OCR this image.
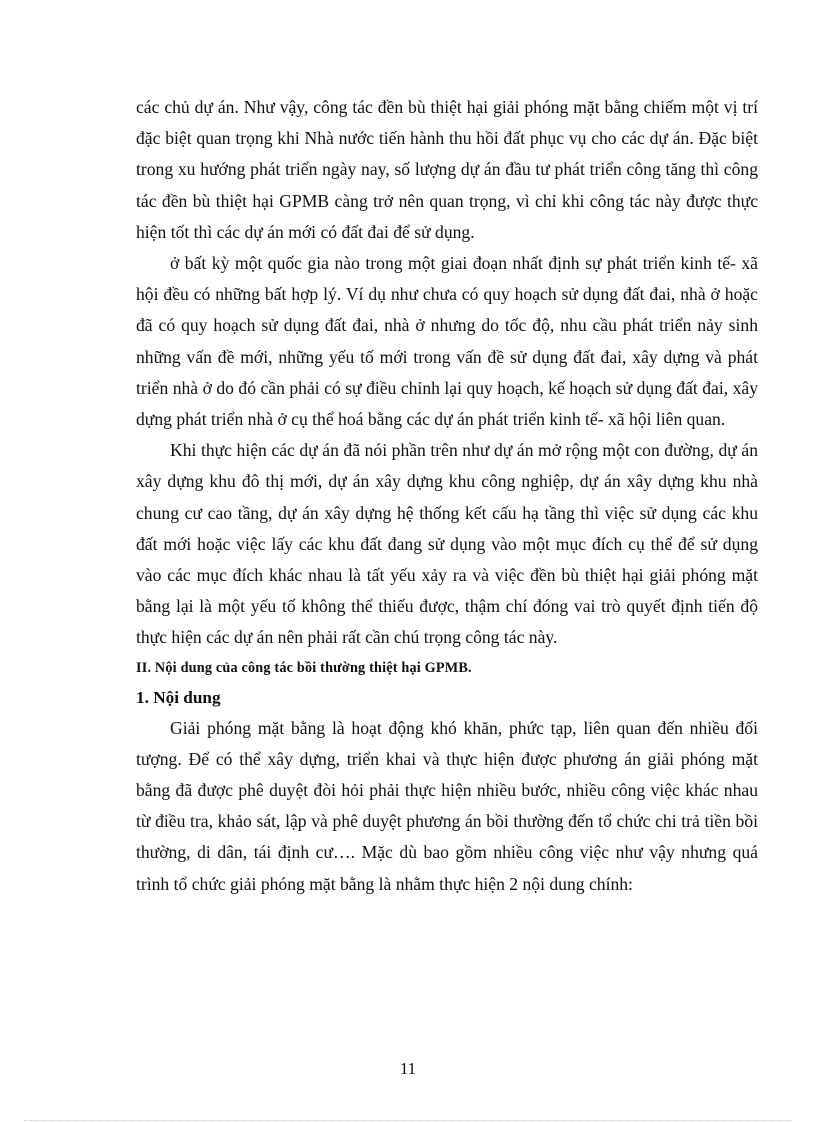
các chủ dự án. Như vậy, công tác đền bù thiệt hại giải phóng mặt bằng chiếm một vị trí đặc biệt quan trọng khi Nhà nước tiến hành thu hồi đất phục vụ cho các dự án. Đặc biệt trong xu hướng phát triển ngày nay, số lượng dự án đầu tư phát triển công tăng thì công tác đền bù thiệt hại GPMB càng trở nên quan trọng, vì chỉ khi công tác này được thực hiện tốt thì các dự án mới có đất đai để sử dụng.

ở bất kỳ một quốc gia nào trong một giai đoạn nhất định sự phát triển kinh tế- xã hội đều có những bất hợp lý. Ví dụ như chưa có quy hoạch sử dụng đất đai, nhà ở hoặc đã có quy hoạch sử dụng đất đai, nhà ở nhưng do tốc độ, nhu cầu phát triển nảy sinh những vấn đề mới, những yếu tố mới trong vấn đề sử dụng đất đai, xây dựng và phát triển nhà ở do đó cần phải có sự điều chỉnh lại quy hoạch, kế hoạch sử dụng đất đai, xây dựng phát triển nhà ở cụ thể hoá bằng các dự án phát triển kinh tế- xã hội liên quan.

Khi thực hiện các dự án đã nói phần trên như dự án mở rộng một con đường, dự án xây dựng khu đô thị mới, dự án xây dựng khu công nghiệp, dự án xây dựng khu nhà chung cư cao tầng, dự án xây dựng hệ thống kết cấu hạ tầng thì việc sử dụng các khu đất mới hoặc việc lấy các khu đất đang sử dụng vào một mục đích cụ thể để sử dụng vào các mục đích khác nhau là tất yếu xảy ra và việc đền bù thiệt hại giải phóng mặt bằng lại là một yếu tố không thể thiếu được, thậm chí đóng vai trò quyết định tiến độ thực hiện các dự án nên phải rất cần chú trọng công tác này.

II. Nội dung của công tác bồi thường thiệt hại GPMB.

1. Nội dung

Giải phóng mặt bằng là hoạt động khó khăn, phức tạp, liên quan đến nhiều đối tượng. Để có thể xây dựng, triển khai và thực hiện được phương án giải phóng mặt bằng đã được phê duyệt đòi hỏi phải thực hiện nhiều bước, nhiều công việc khác nhau từ điều tra, khảo sát, lập và phê duyệt phương án bồi thường đến tổ chức chi trả tiền bồi thường, di dân, tái định cư…. Mặc dù bao gồm nhiều công việc như vậy nhưng quá trình tổ chức giải phóng mặt bằng là nhằm thực hiện 2 nội dung chính:

11
